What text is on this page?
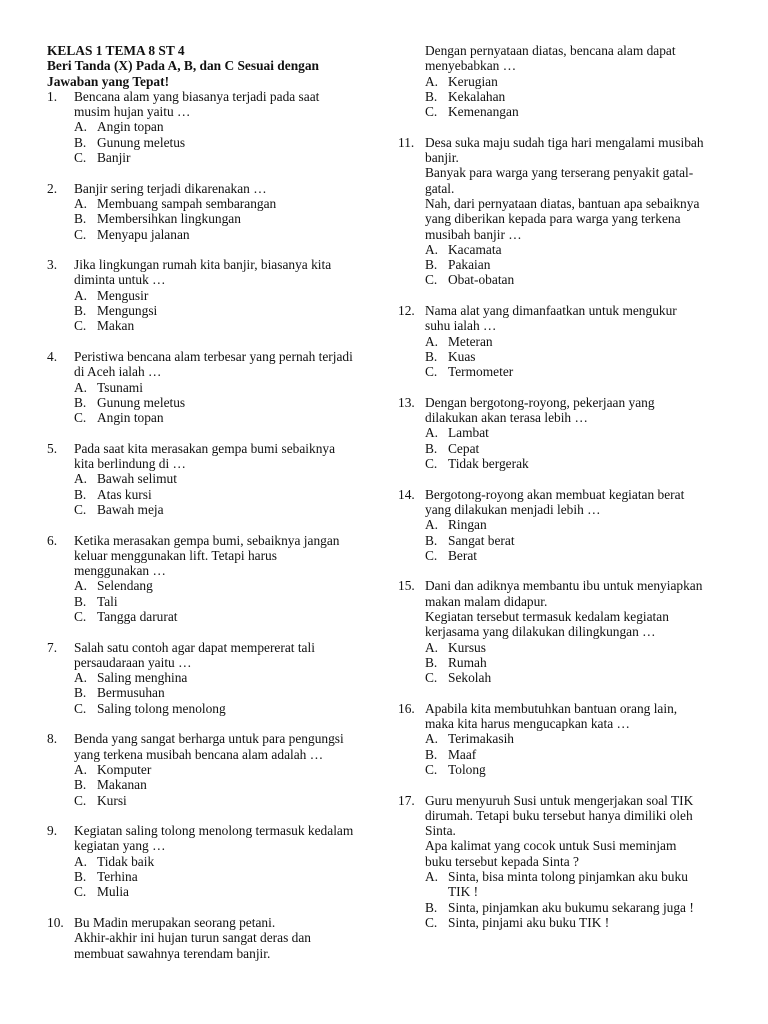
KELAS 1 TEMA 8 ST 4
Beri Tanda (X) Pada A, B, dan C Sesuai dengan
Jawaban yang Tepat!
1. Bencana alam yang biasanya terjadi pada saat
musim hujan yaitu …
A. Angin topan
B. Gunung meletus
C. Banjir
2. Banjir sering terjadi dikarenakan …
A. Membuang sampah sembarangan
B. Membersihkan lingkungan
C. Menyapu jalanan
3. Jika lingkungan rumah kita banjir, biasanya kita
diminta untuk …
A. Mengusir
B. Mengungsi
C. Makan
4. Peristiwa bencana alam terbesar yang pernah terjadi
di Aceh ialah …
A. Tsunami
B. Gunung meletus
C. Angin topan
5. Pada saat kita merasakan gempa bumi sebaiknya
kita berlindung di …
A. Bawah selimut
B. Atas kursi
C. Bawah meja
6. Ketika merasakan gempa bumi, sebaiknya jangan
keluar menggunakan lift. Tetapi harus
menggunakan …
A. Selendang
B. Tali
C. Tangga darurat
7. Salah satu contoh agar dapat mempererat tali
persaudaraan yaitu …
A. Saling menghina
B. Bermusuhan
C. Saling tolong menolong
8. Benda yang sangat berharga untuk para pengungsi
yang terkena musibah bencana alam adalah …
A. Komputer
B. Makanan
C. Kursi
9. Kegiatan saling tolong menolong termasuk kedalam
kegiatan yang …
A. Tidak baik
B. Terhina
C. Mulia
10. Bu Madin merupakan seorang petani.
Akhir-akhir ini hujan turun sangat deras dan
membuat sawahnya terendam banjir.
Dengan pernyataan diatas, bencana alam dapat
menyebabkan …
A. Kerugian
B. Kekalahan
C. Kemenangan
11. Desa suka maju sudah tiga hari mengalami musibah
banjir.
Banyak para warga yang terserang penyakit gatal-
gatal.
Nah, dari pernyataan diatas, bantuan apa sebaiknya
yang diberikan kepada para warga yang terkena
musibah banjir …
A. Kacamata
B. Pakaian
C. Obat-obatan
12. Nama alat yang dimanfaatkan untuk mengukur
suhu ialah …
A. Meteran
B. Kuas
C. Termometer
13. Dengan bergotong-royong, pekerjaan yang
dilakukan akan terasa lebih …
A. Lambat
B. Cepat
C. Tidak bergerak
14. Bergotong-royong akan membuat kegiatan berat
yang dilakukan menjadi lebih …
A. Ringan
B. Sangat berat
C. Berat
15. Dani dan adiknya membantu ibu untuk menyiapkan
makan malam didapur.
Kegiatan tersebut termasuk kedalam kegiatan
kerjasama yang dilakukan dilingkungan …
A. Kursus
B. Rumah
C. Sekolah
16. Apabila kita membutuhkan bantuan orang lain,
maka kita harus mengucapkan kata …
A. Terimakasih
B. Maaf
C. Tolong
17. Guru menyuruh Susi untuk mengerjakan soal TIK
dirumah. Tetapi buku tersebut hanya dimiliki oleh
Sinta.
Apa kalimat yang cocok untuk Susi meminjam
buku tersebut kepada Sinta ?
A. Sinta, bisa minta tolong pinjamkan aku buku
TIK !
B. Sinta, pinjamkan aku bukumu sekarang juga !
C. Sinta, pinjami aku buku TIK !
